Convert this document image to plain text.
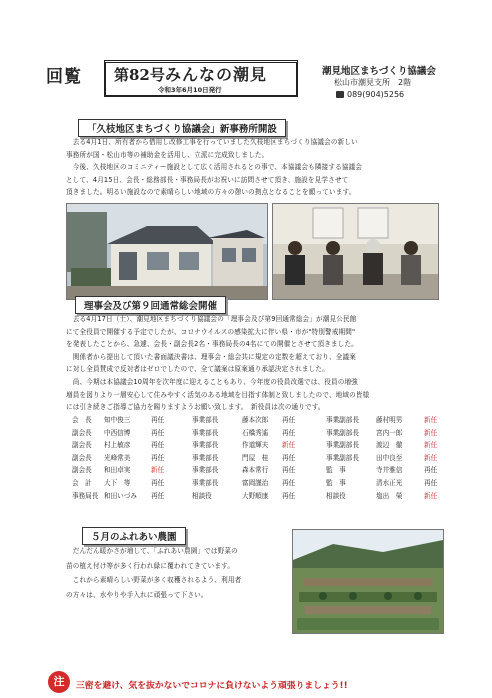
回覧 第82号 みんなの潮見
令和3年6月10日発行
潮見地区まちづくり協議会
松山市潮見支所　2階
089(904)5256
「久枝地区まちづくり協議会」新事務所開設
　去る4月1日、所有者から借用し改修工事を行っていました久枝地区まちづくり協議会の新しい
事務所が国・松山市等の補助金を活用し、立派に完成致しました。
　今後、久枝地区のコミニティー施設として広く活用されるとの事で、本協議会も隣接する協議会
として、4月15日、会長・総務部長・事務局長がお祝いに訪問させて頂き、施設を見学させて
頂きました。明るい施設なので素晴らしい地域の方々の憩いの拠点となることを願っています。
理事会及び第９回通常総会開催
　去る4月17日（土）、潮見地区まちづくり協議会の「理事会及び第9回通常総会」が潮見公民館
にて全役員で開催する予定でしたが、コロナウイルスの感染拡大に伴い県・市が"特別警戒期間"
を発表したことから、急遽、会長・副会長2名・事務局長の4名にての開催とさせて頂きました。
　関係者から提出して頂いた書面議決書は、理事会・総会共に規定の定数を超えており、全議案
に対し全員賛成で反対者はゼロでしたので、全て議案は原案通り承認決定されました。
　尚、今期は本協議会10周年を次年度に迎えることもあり、今年度の役員改選では、役員の増強
増員を図りより一層安心して住みやすく活気のある地域を目指す体制と致しましたので、地域の皆様
には引き続きご指導ご協力を賜りますようお願い致します。　新役員は次の通りです。
会　長 知中俊三	再任	事業部長	藤本次郎 再任	事業副部長	藤村明男	新任
副会長 中西信博	再任	事業部長	石橋秀遙 再任	事業副部長	宮内一郎	新任
副会長 村上敏彦	再任	事業部長	作道輝夫 新任	事業副部長	渡辺　徹	新任
副会長 光峰常美	再任	事業部長	門屋　桂 再任	事業副部長	田中良至	新任
副会長 和田卓実	新任	事業部長	森本常行 再任	監　事	寺井雅信	再任
会　計 大下　等	再任	事業部長	富岡謹治 再任	監　事	清水正光	再任
事務局長 和田いづみ 再任	相談役	大野順康 再任	相談役	塩出　榮	新任
５月のふれあい農園
　だんだん暖かさが増して、「ふれあい農園」では野菜の
苗の植え付け等が多く行われ緑に覆われてきています。
　これから素晴らしい野菜が多く収穫されるよう、利用者
の方々は、水やりや手入れに頑張って下さい。
注	三密を避け、気を抜かないでコロナに負けないよう頑張りましょう!!
